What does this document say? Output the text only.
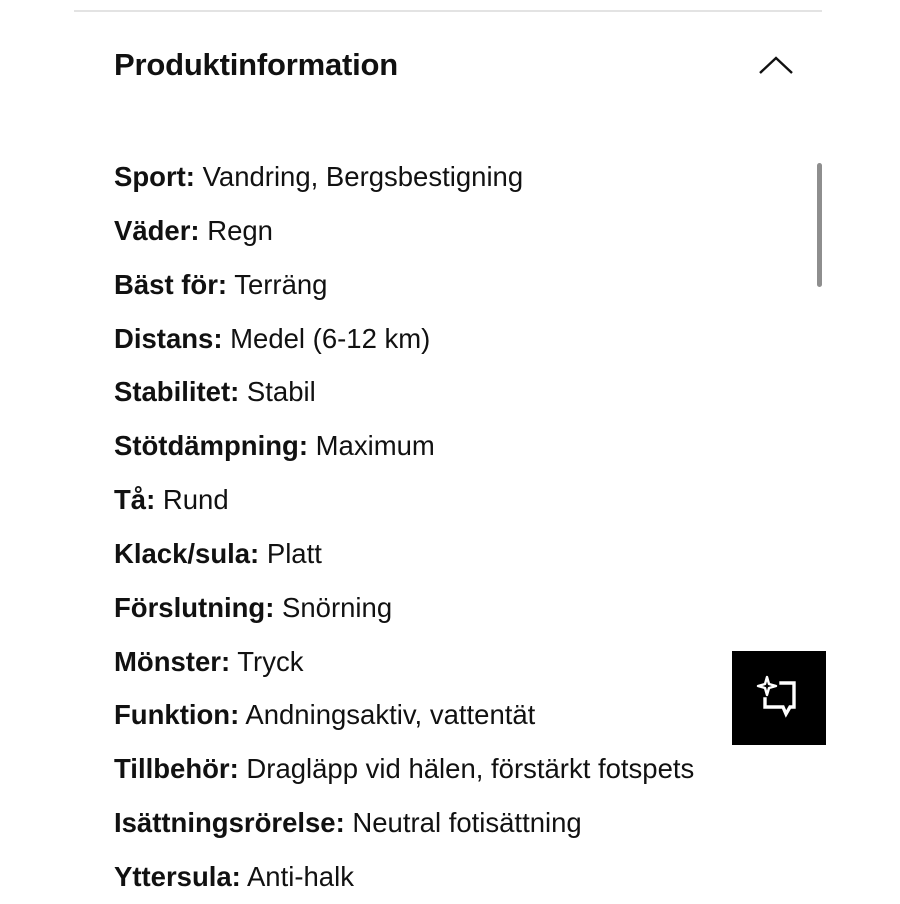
Produktinformation
Sport: Vandring, Bergsbestigning
Väder: Regn
Bäst för: Terräng
Distans: Medel (6-12 km)
Stabilitet: Stabil
Stötdämpning: Maximum
Tå: Rund
Klack/sula: Platt
Förslutning: Snörning
Mönster: Tryck
Funktion: Andningsaktiv, vattentät
Tillbehör: Dragläpp vid hälen, förstärkt fotspets
Isättningsrörelse: Neutral fotisättning
Yttersula: Anti-halk
